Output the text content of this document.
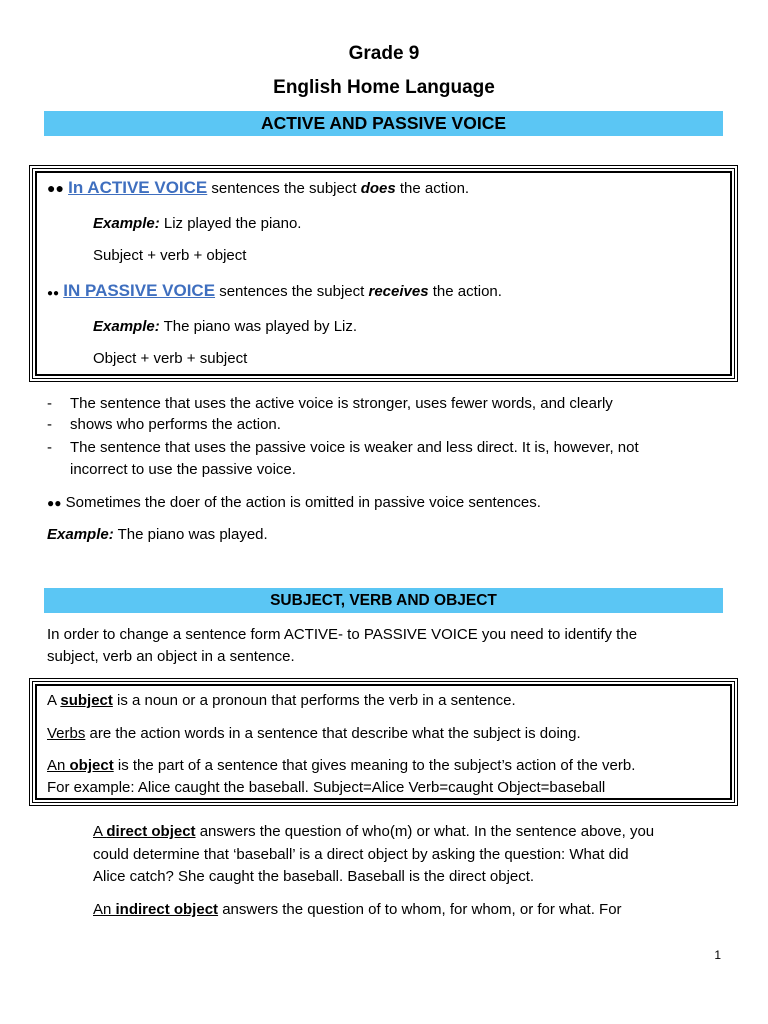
Grade 9
English Home Language
ACTIVE AND PASSIVE VOICE
●● In ACTIVE VOICE sentences the subject does the action.
Example: Liz played the piano.
Subject + verb + object
●● IN PASSIVE VOICE sentences the subject receives the action.
Example: The piano was played by Liz.
Object + verb + subject
- The sentence that uses the active voice is stronger, uses fewer words, and clearly
- shows who performs the action.
- The sentence that uses the passive voice is weaker and less direct. It is, however, not
incorrect to use the passive voice.
●● Sometimes the doer of the action is omitted in passive voice sentences.
Example: The piano was played.
SUBJECT, VERB AND OBJECT
In order to change a sentence form ACTIVE- to PASSIVE VOICE you need to identify the
subject, verb an object in a sentence.
A subject is a noun or a pronoun that performs the verb in a sentence.
Verbs are the action words in a sentence that describe what the subject is doing.
An object is the part of a sentence that gives meaning to the subject’s action of the verb.
For example: Alice caught the baseball. Subject=Alice Verb=caught Object=baseball
A direct object answers the question of who(m) or what. In the sentence above, you
could determine that ‘baseball’ is a direct object by asking the question: What did
Alice catch? She caught the baseball. Baseball is the direct object.
An indirect object answers the question of to whom, for whom, or for what. For
1
